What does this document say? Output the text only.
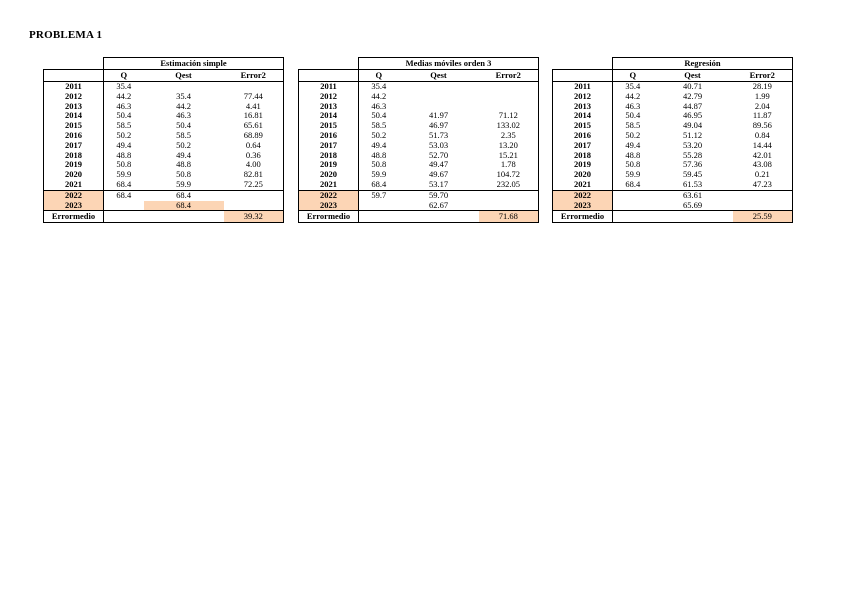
PROBLEMA 1
	Estimación simple		
	Q	Qest	Error2
2011	35.4		
2012	44.2	35.4	77.44
2013	46.3	44.2	4.41
2014	50.4	46.3	16.81
2015	58.5	50.4	65.61
2016	50.2	58.5	68.89
2017	49.4	50.2	0.64
2018	48.8	49.4	0.36
2019	50.8	48.8	4.00
2020	59.9	50.8	82.81
2021	68.4	59.9	72.25
2022	68.4	68.4	
2023		68.4	
Errormedio			39.32
	Medias móviles orden 3		
	Q	Qest	Error2
2011	35.4		
2012	44.2		
2013	46.3		
2014	50.4	41.97	71.12
2015	58.5	46.97	133.02
2016	50.2	51.73	2.35
2017	49.4	53.03	13.20
2018	48.8	52.70	15.21
2019	50.8	49.47	1.78
2020	59.9	49.67	104.72
2021	68.4	53.17	232.05
2022	59.7	59.70	
2023		62.67	
Errormedio			71.68
	Regresión		
	Q	Qest	Error2
2011	35.4	40.71	28.19
2012	44.2	42.79	1.99
2013	46.3	44.87	2.04
2014	50.4	46.95	11.87
2015	58.5	49.04	89.56
2016	50.2	51.12	0.84
2017	49.4	53.20	14.44
2018	48.8	55.28	42.01
2019	50.8	57.36	43.08
2020	59.9	59.45	0.21
2021	68.4	61.53	47.23
2022		63.61	
2023		65.69	
Errormedio			25.59
